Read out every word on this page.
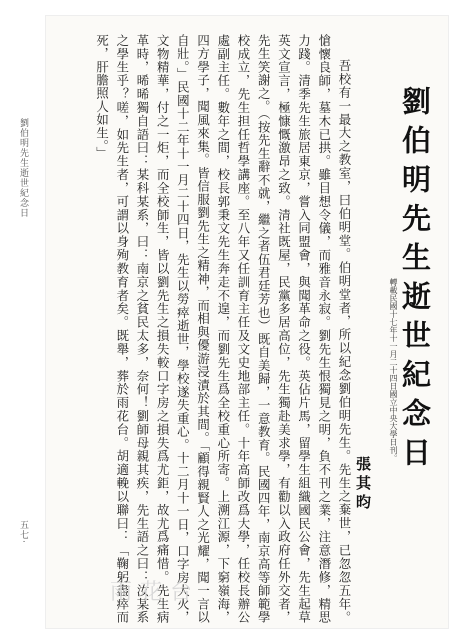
劉伯明先生逝世紀念日
五七·
劉伯明先生逝世紀念日
轉載民國十七年十一月二十四日國立中央大學日刊。
張其昀

吾校有一最大之教室，曰伯明堂。伯明堂者，所以紀念劉伯明先生。先生之棄世，已忽忽五年。愴懷良師，墓木已拱。雖目想令儀，而雅音永寂。劉先生恨獨見之明，負不刊之業，注意潛修，精思力踐。清季先生旅居東京，嘗入同盟會，與聞革命之役。英佔片馬，留學生組織國民公會，先生起草英文宣言，極慷慨激昂之致。清社既屋，民黨多居高位，先生獨赴美求學，有勸以入政府任外交者，先生笑謝之。（按先生辭不就，繼之者伍君廷芳也）既自美歸，一意教育。民國四年，南京高等師範學校成立，先生担任哲學講座。至八年又任訓育主任及文史地部主任。十年高師改爲大學，任校長辦公處副主任。數年之間，校長郭秉文先生奔走不遑，而劉先生爲全校重心所寄。上溯江源，下窮嶺海，四方學子，聞風來集。皆信服劉先生之精神，而相與優游浸漬於其間。「顧得親賢人之光耀，聞一言以自壯。」民國十二年十一月二十四日，先生以勞瘁逝世，學校遂失重心。十二月十一日，口字房大火，文物精華，付之一炬，而全校師生，皆以劉先生之損失較口字房之損失爲尤鉅，故尤爲痛惜。先生病革時，晞晞獨自語曰：某科某系，曰：南京之貧民太多，奈何！劉師母親其疾，先生語之曰：汝某系之學生乎？嗟，如先生者，可謂以身殉教育者矣。既舉，葬於雨花台。胡適輓以聯曰：「鞠躬盡瘁而死，肝膽照人如生。」

雨花台
